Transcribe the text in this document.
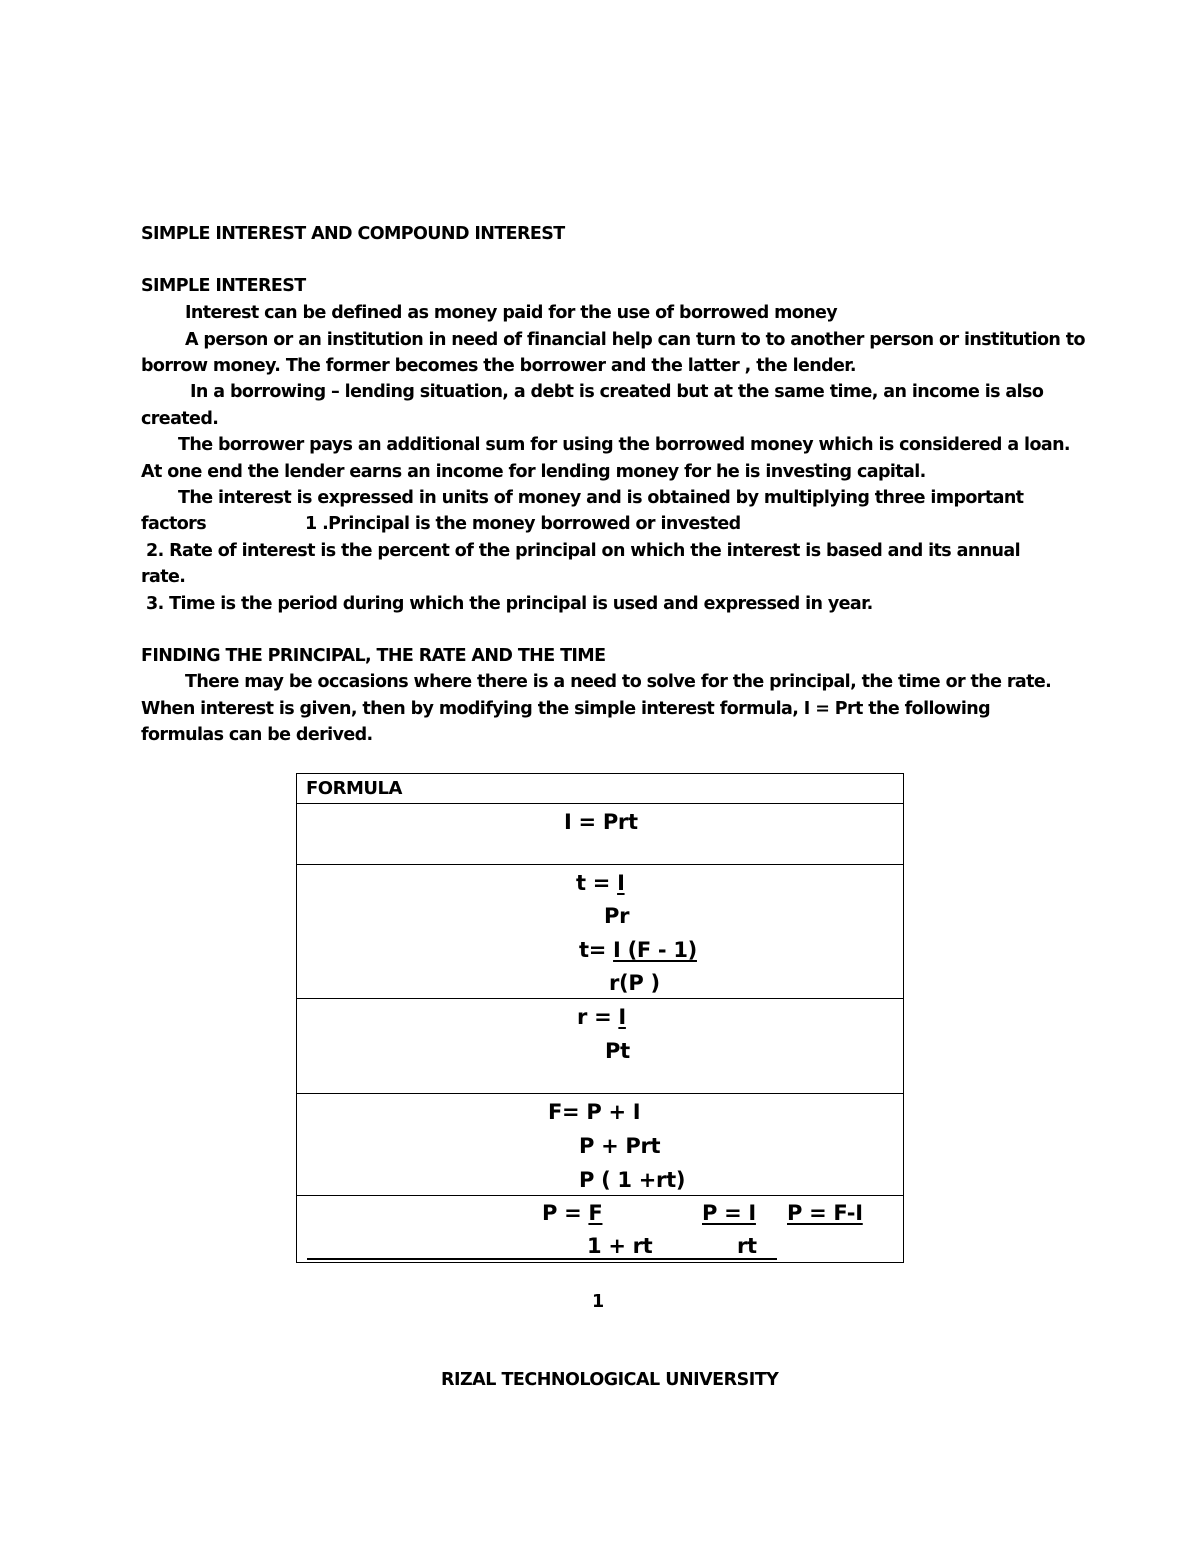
SIMPLE INTEREST AND COMPOUND INTEREST
SIMPLE INTEREST
Interest can be defined as money paid for the use of borrowed money
A person or an institution in need of financial help can turn to to another person or institution to
borrow money. The former becomes the borrower and the latter , the lender.
In a borrowing – lending situation, a debt is created but at the same time, an income is also
created.
The borrower pays an additional sum for using the borrowed money which is considered a loan.
At one end the lender earns an income for lending money for he is investing capital.
The interest is expressed in units of money and is obtained by multiplying three important
factors	1 .Principal is the money borrowed or invested
2. Rate of interest is the percent of the principal on which the interest is based and its annual
rate.
3. Time is the period during which the principal is used and expressed in year.
FINDING THE PRINCIPAL, THE RATE AND THE TIME
There may be occasions where there is a need to solve for the principal, the time or the rate.
When interest is given, then by modifying the simple interest formula, I = Prt the following
formulas can be derived.
FORMULA
I = Prt
t = I
Pr
t= I (F - 1)
r(P )
r = I
Pt
F= P + I
P + Prt
P ( 1 +rt)
P = F	P = I P = F-I
1 + rt	rt
1
RIZAL TECHNOLOGICAL UNIVERSITY
